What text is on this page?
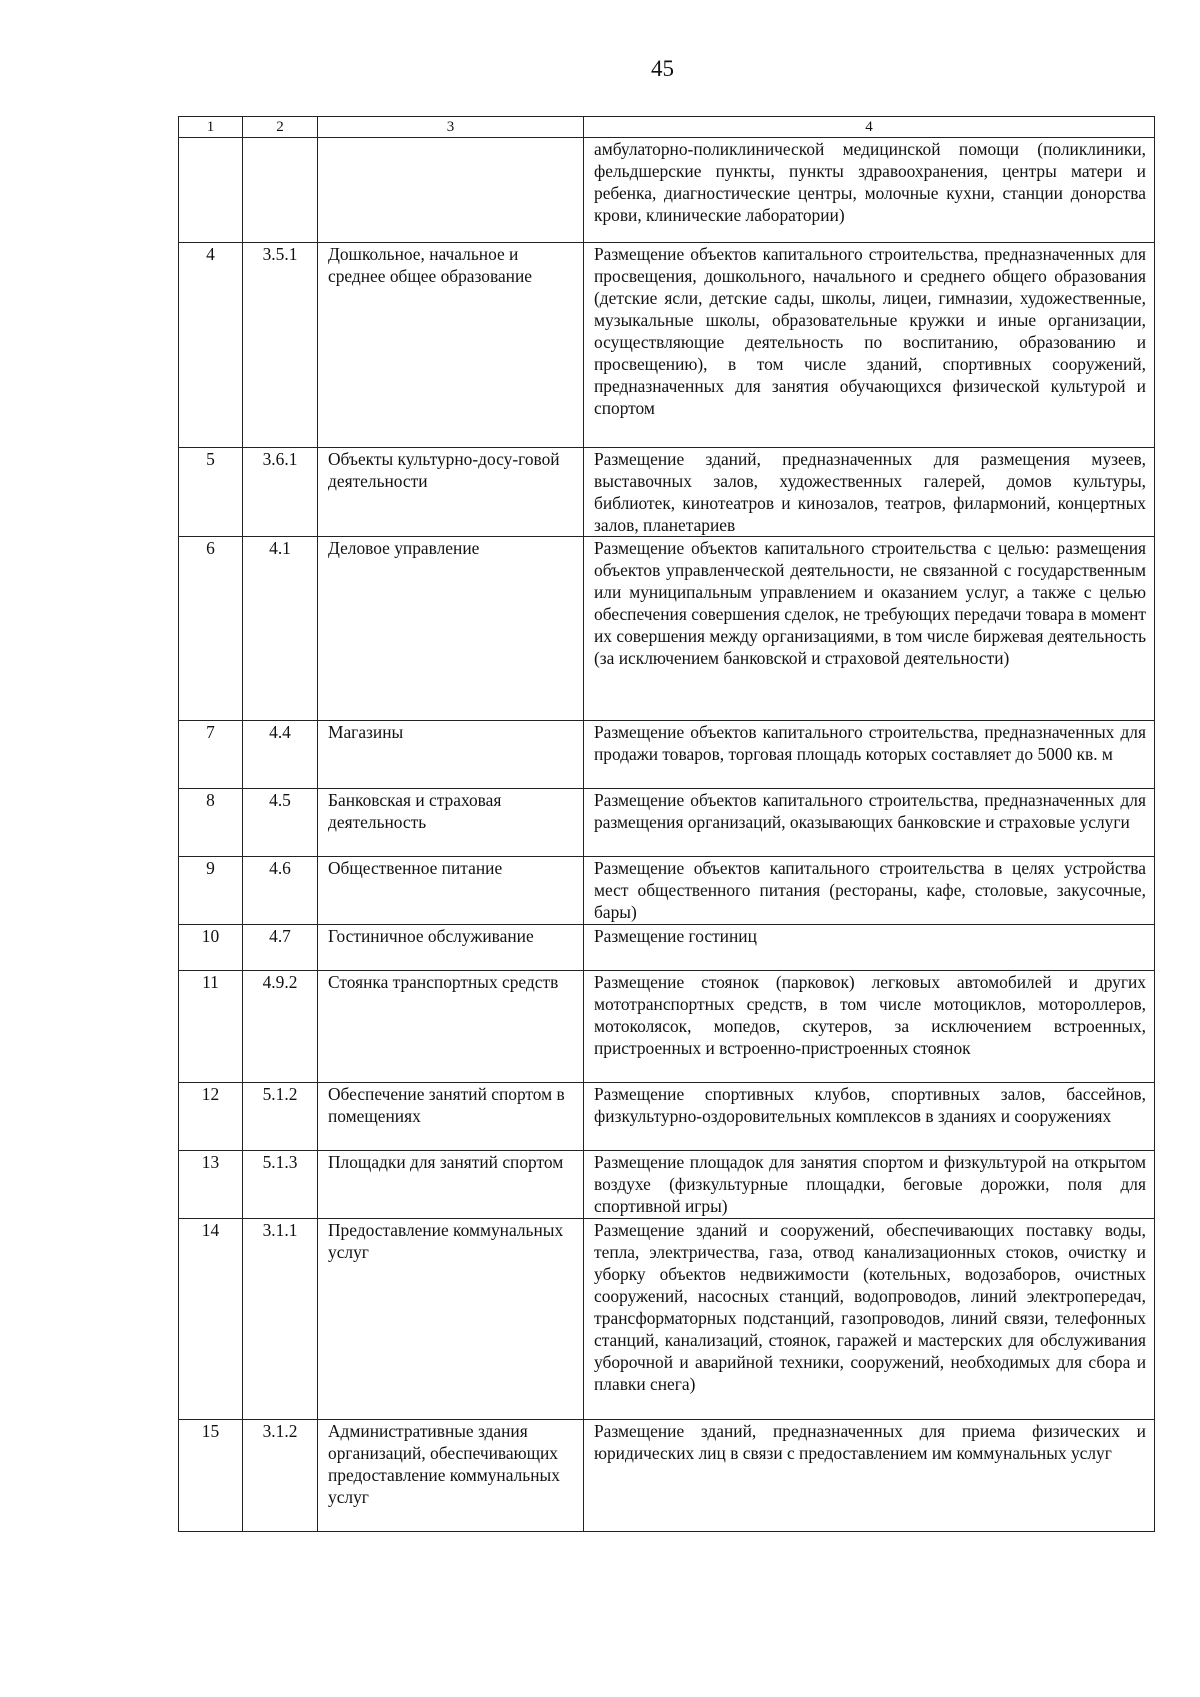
45
1	2	3	4
			амбулаторно-поликлинической медицинской помощи (поликлиники, фельдшерские пункты, пункты здравоохранения, центры матери и ребенка, диагностические центры, молочные кухни, станции донорства крови, клинические лаборатории)
4	3.5.1	Дошкольное, начальное и среднее общее образование	Размещение объектов капитального строительства, предназначенных для просвещения, дошкольного, начального и среднего общего образования (детские ясли, детские сады, школы, лицеи, гимназии, художественные, музыкальные школы, образовательные кружки и иные организации, осуществляющие деятельность по воспитанию, образованию и просвещению), в том числе зданий, спортивных сооружений, предназначенных для занятия обучающихся физической культурой и спортом
5	3.6.1	Объекты культурно-досу-говой деятельности	Размещение зданий, предназначенных для размещения музеев, выставочных залов, художественных галерей, домов культуры, библиотек, кинотеатров и кинозалов, театров, филармоний, концертных залов, планетариев
6	4.1	Деловое управление	Размещение объектов капитального строительства с целью: размещения объектов управленческой деятельности, не связанной с государственным или муниципальным управлением и оказанием услуг, а также с целью обеспечения совершения сделок, не требующих передачи товара в момент их совершения между организациями, в том числе биржевая деятельность (за исключением банковской и страховой деятельности)
7	4.4	Магазины	Размещение объектов капитального строительства, предназначенных для продажи товаров, торговая площадь которых составляет до 5000 кв. м
8	4.5	Банковская и страховая деятельность	Размещение объектов капитального строительства, предназначенных для размещения организаций, оказывающих банковские и страховые услуги
9	4.6	Общественное питание	Размещение объектов капитального строительства в целях устройства мест общественного питания (рестораны, кафе, столовые, закусочные, бары)
10	4.7	Гостиничное обслуживание	Размещение гостиниц
11	4.9.2	Стоянка транспортных средств	Размещение стоянок (парковок) легковых автомобилей и других мототранспортных средств, в том числе мотоциклов, мотороллеров, мотоколясок, мопедов, скутеров, за исключением встроенных, пристроенных и встроенно-пристроенных стоянок
12	5.1.2	Обеспечение занятий спортом в помещениях	Размещение спортивных клубов, спортивных залов, бассейнов, физкультурно-оздоровительных комплексов в зданиях и сооружениях
13	5.1.3	Площадки для занятий спортом	Размещение площадок для занятия спортом и физкультурой на открытом воздухе (физкультурные площадки, беговые дорожки, поля для спортивной игры)
14	3.1.1	Предоставление коммунальных услуг	Размещение зданий и сооружений, обеспечивающих поставку воды, тепла, электричества, газа, отвод канализационных стоков, очистку и уборку объектов недвижимости (котельных, водозаборов, очистных сооружений, насосных станций, водопроводов, линий электропередач, трансформаторных подстанций, газопроводов, линий связи, телефонных станций, канализаций, стоянок, гаражей и мастерских для обслуживания уборочной и аварийной техники, сооружений, необходимых для сбора и плавки снега)
15	3.1.2	Административные здания организаций, обеспечивающих предоставление коммунальных услуг	Размещение зданий, предназначенных для приема физических и юридических лиц в связи с предоставлением им коммунальных услуг
